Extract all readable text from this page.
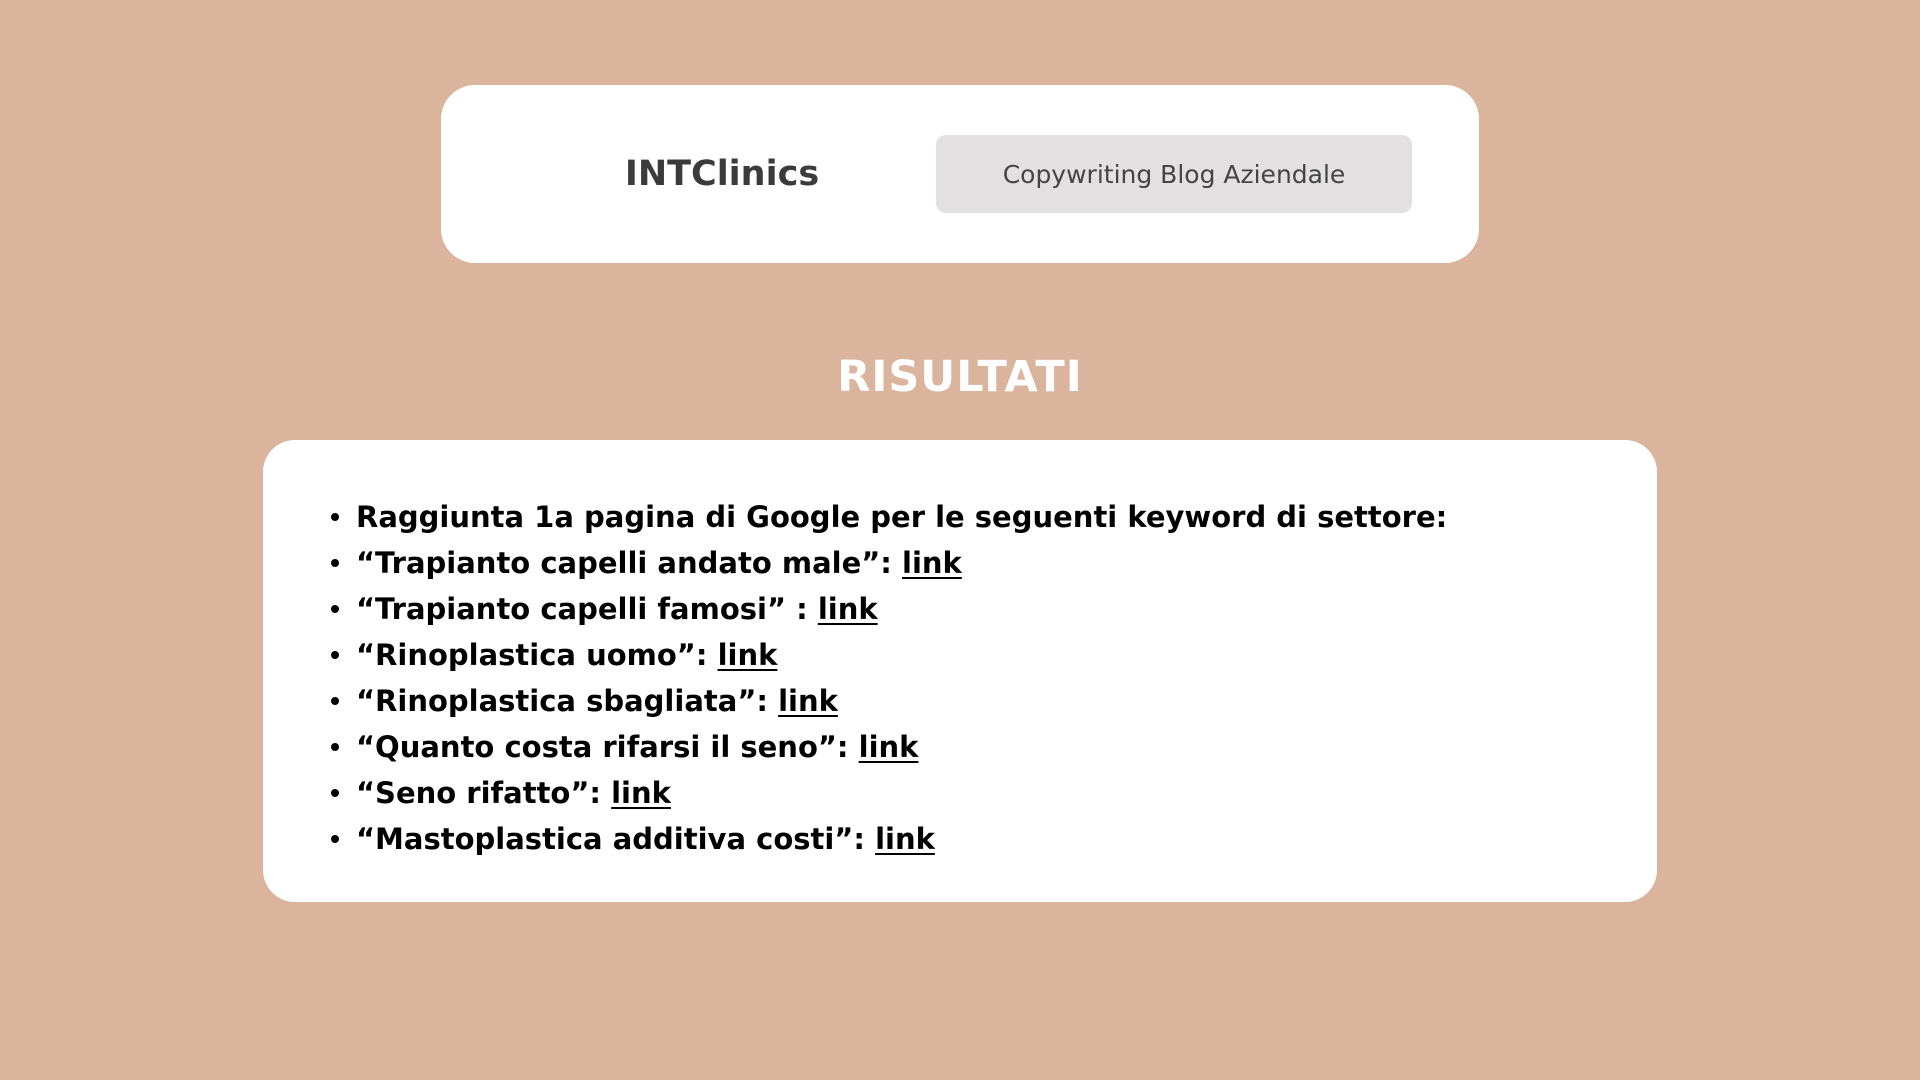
INTClinics	Copywriting Blog Aziendale
RISULTATI
Raggiunta 1a pagina di Google per le seguenti keyword di settore:
“Trapianto capelli andato male”: link
“Trapianto capelli famosi” : link
“Rinoplastica uomo”: link
“Rinoplastica sbagliata”: link
“Quanto costa rifarsi il seno”: link
“Seno rifatto”: link
“Mastoplastica additiva costi”: link
